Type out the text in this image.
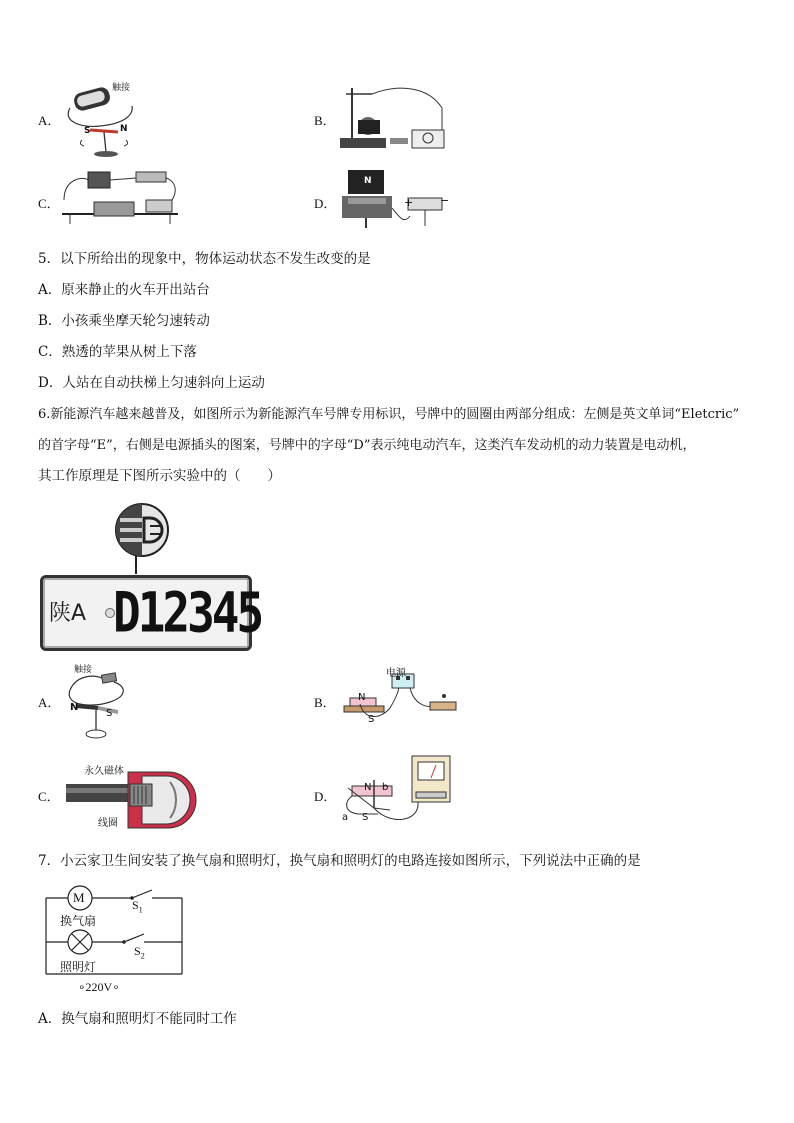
A．
触接
S	N
B．
C．	D．
N
+ −
5．以下所给出的现象中，物体运动状态不发生改变的是
A．原来静止的火车开出站台
B．小孩乘坐摩天轮匀速转动
C．熟透的苹果从树上下落
D．人站在自动扶梯上匀速斜向上运动
6.新能源汽车越来越普及，如图所示为新能源汽车号牌专用标识，号牌中的圆圈由两部分组成：左侧是英文单词“Eletcric”
的首字母“E”，右侧是电源插头的图案，号牌中的字母“D”表示纯电动汽车，这类汽车发动机的动力装置是电动机，
其工作原理是下图所示实验中的（　　）
陕A D12345
A．
触接
N
S
B．
电源
N
S
C．
永久磁体
线圈
D．
N b
a S
7．小云家卫生间安装了换气扇和照明灯，换气扇和照明灯的电路连接如图所示，下列说法中正确的是
M
换气扇
照明灯
$S_1$
$S_2$
∘220V∘
A．换气扇和照明灯不能同时工作
